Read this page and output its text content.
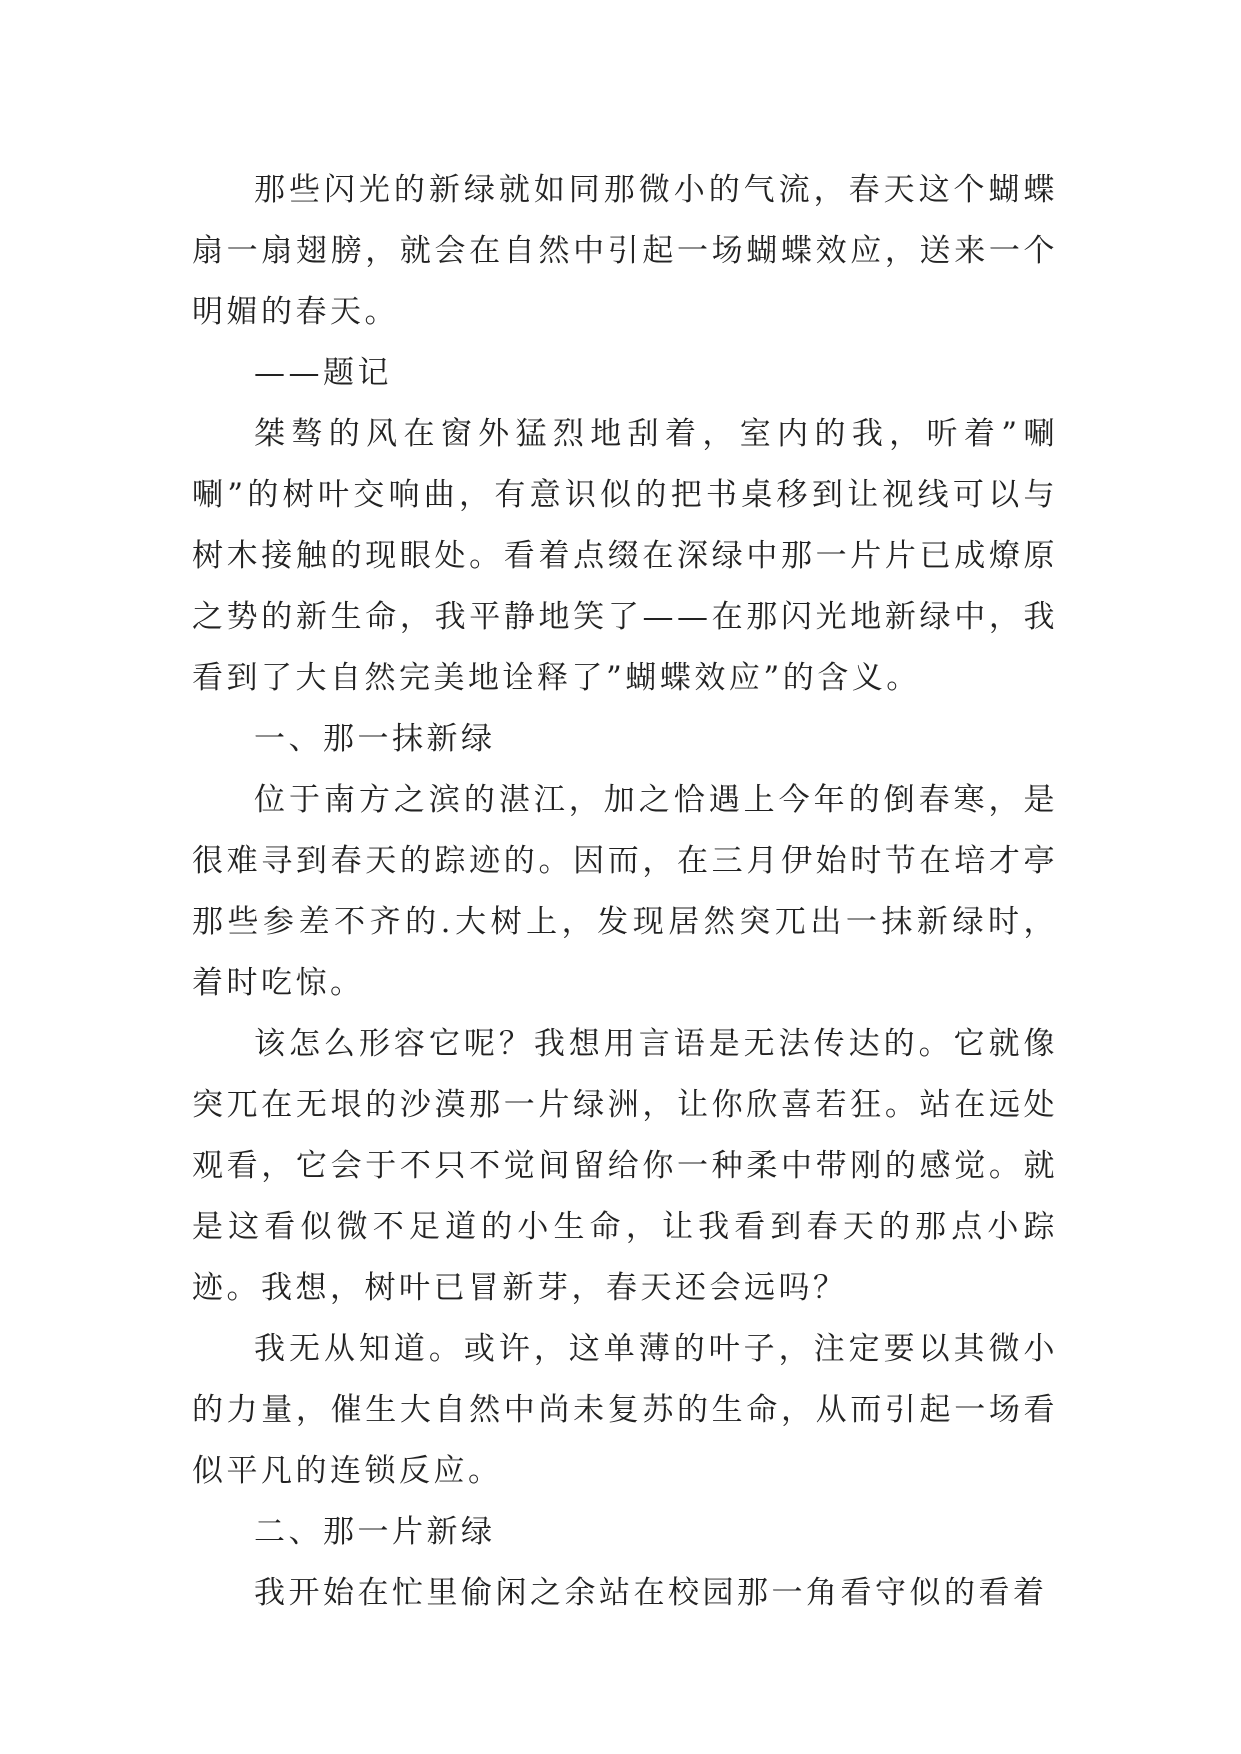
那些闪光的新绿就如同那微小的气流，春天这个蝴蝶扇一扇翅膀，就会在自然中引起一场蝴蝶效应，送来一个明媚的春天。

——题记

桀骜的风在窗外猛烈地刮着，室内的我，听着”唰唰”的树叶交响曲，有意识似的把书桌移到让视线可以与树木接触的现眼处。看着点缀在深绿中那一片片已成燎原之势的新生命，我平静地笑了——在那闪光地新绿中，我看到了大自然完美地诠释了”蝴蝶效应”的含义。

一、那一抹新绿

位于南方之滨的湛江，加之恰遇上今年的倒春寒，是很难寻到春天的踪迹的。因而，在三月伊始时节在培才亭那些参差不齐的.大树上，发现居然突兀出一抹新绿时，着时吃惊。

该怎么形容它呢？我想用言语是无法传达的。它就像突兀在无垠的沙漠那一片绿洲，让你欣喜若狂。站在远处观看，它会于不只不觉间留给你一种柔中带刚的感觉。就是这看似微不足道的小生命，让我看到春天的那点小踪迹。我想，树叶已冒新芽，春天还会远吗？

我无从知道。或许，这单薄的叶子，注定要以其微小的力量，催生大自然中尚未复苏的生命，从而引起一场看似平凡的连锁反应。

二、那一片新绿

我开始在忙里偷闲之余站在校园那一角看守似的看着
